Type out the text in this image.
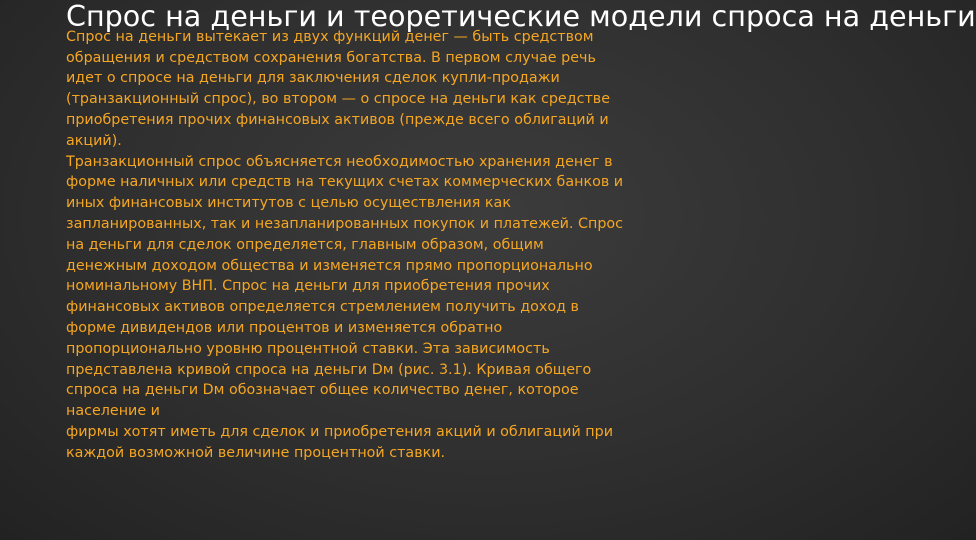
Спрос на деньги и теоретические модели спроса на деньги
Спрос на деньги вытекает из двух функций денег — быть средством
обращения и средством сохранения богатства. В первом случае речь
идет о спросе на деньги для заключения сделок купли-продажи
(транзакционный спрос), во втором — о спросе на деньги как средстве
приобретения прочих финансовых активов (прежде всего облигаций и
акций).
Транзакционный спрос объясняется необходимостью хранения денег в
форме наличных или средств на текущих счетах коммерческих банков и
иных финансовых институтов с целью осуществления как
запланированных, так и незапланированных покупок и платежей. Спрос
на деньги для сделок определяется, главным образом, общим
денежным доходом общества и изменяется прямо пропорционально
номинальному ВНП. Спрос на деньги для приобретения прочих
финансовых активов определяется стремлением получить доход в
форме дивидендов или процентов и изменяется обратно
пропорционально уровню процентной ставки. Эта зависимость
представлена кривой спроса на деньги Dм (рис. 3.1). Кривая общего
спроса на деньги Dм обозначает общее количество денег, которое
население и
фирмы хотят иметь для сделок и приобретения акций и облигаций при
каждой возможной величине процентной ставки.
